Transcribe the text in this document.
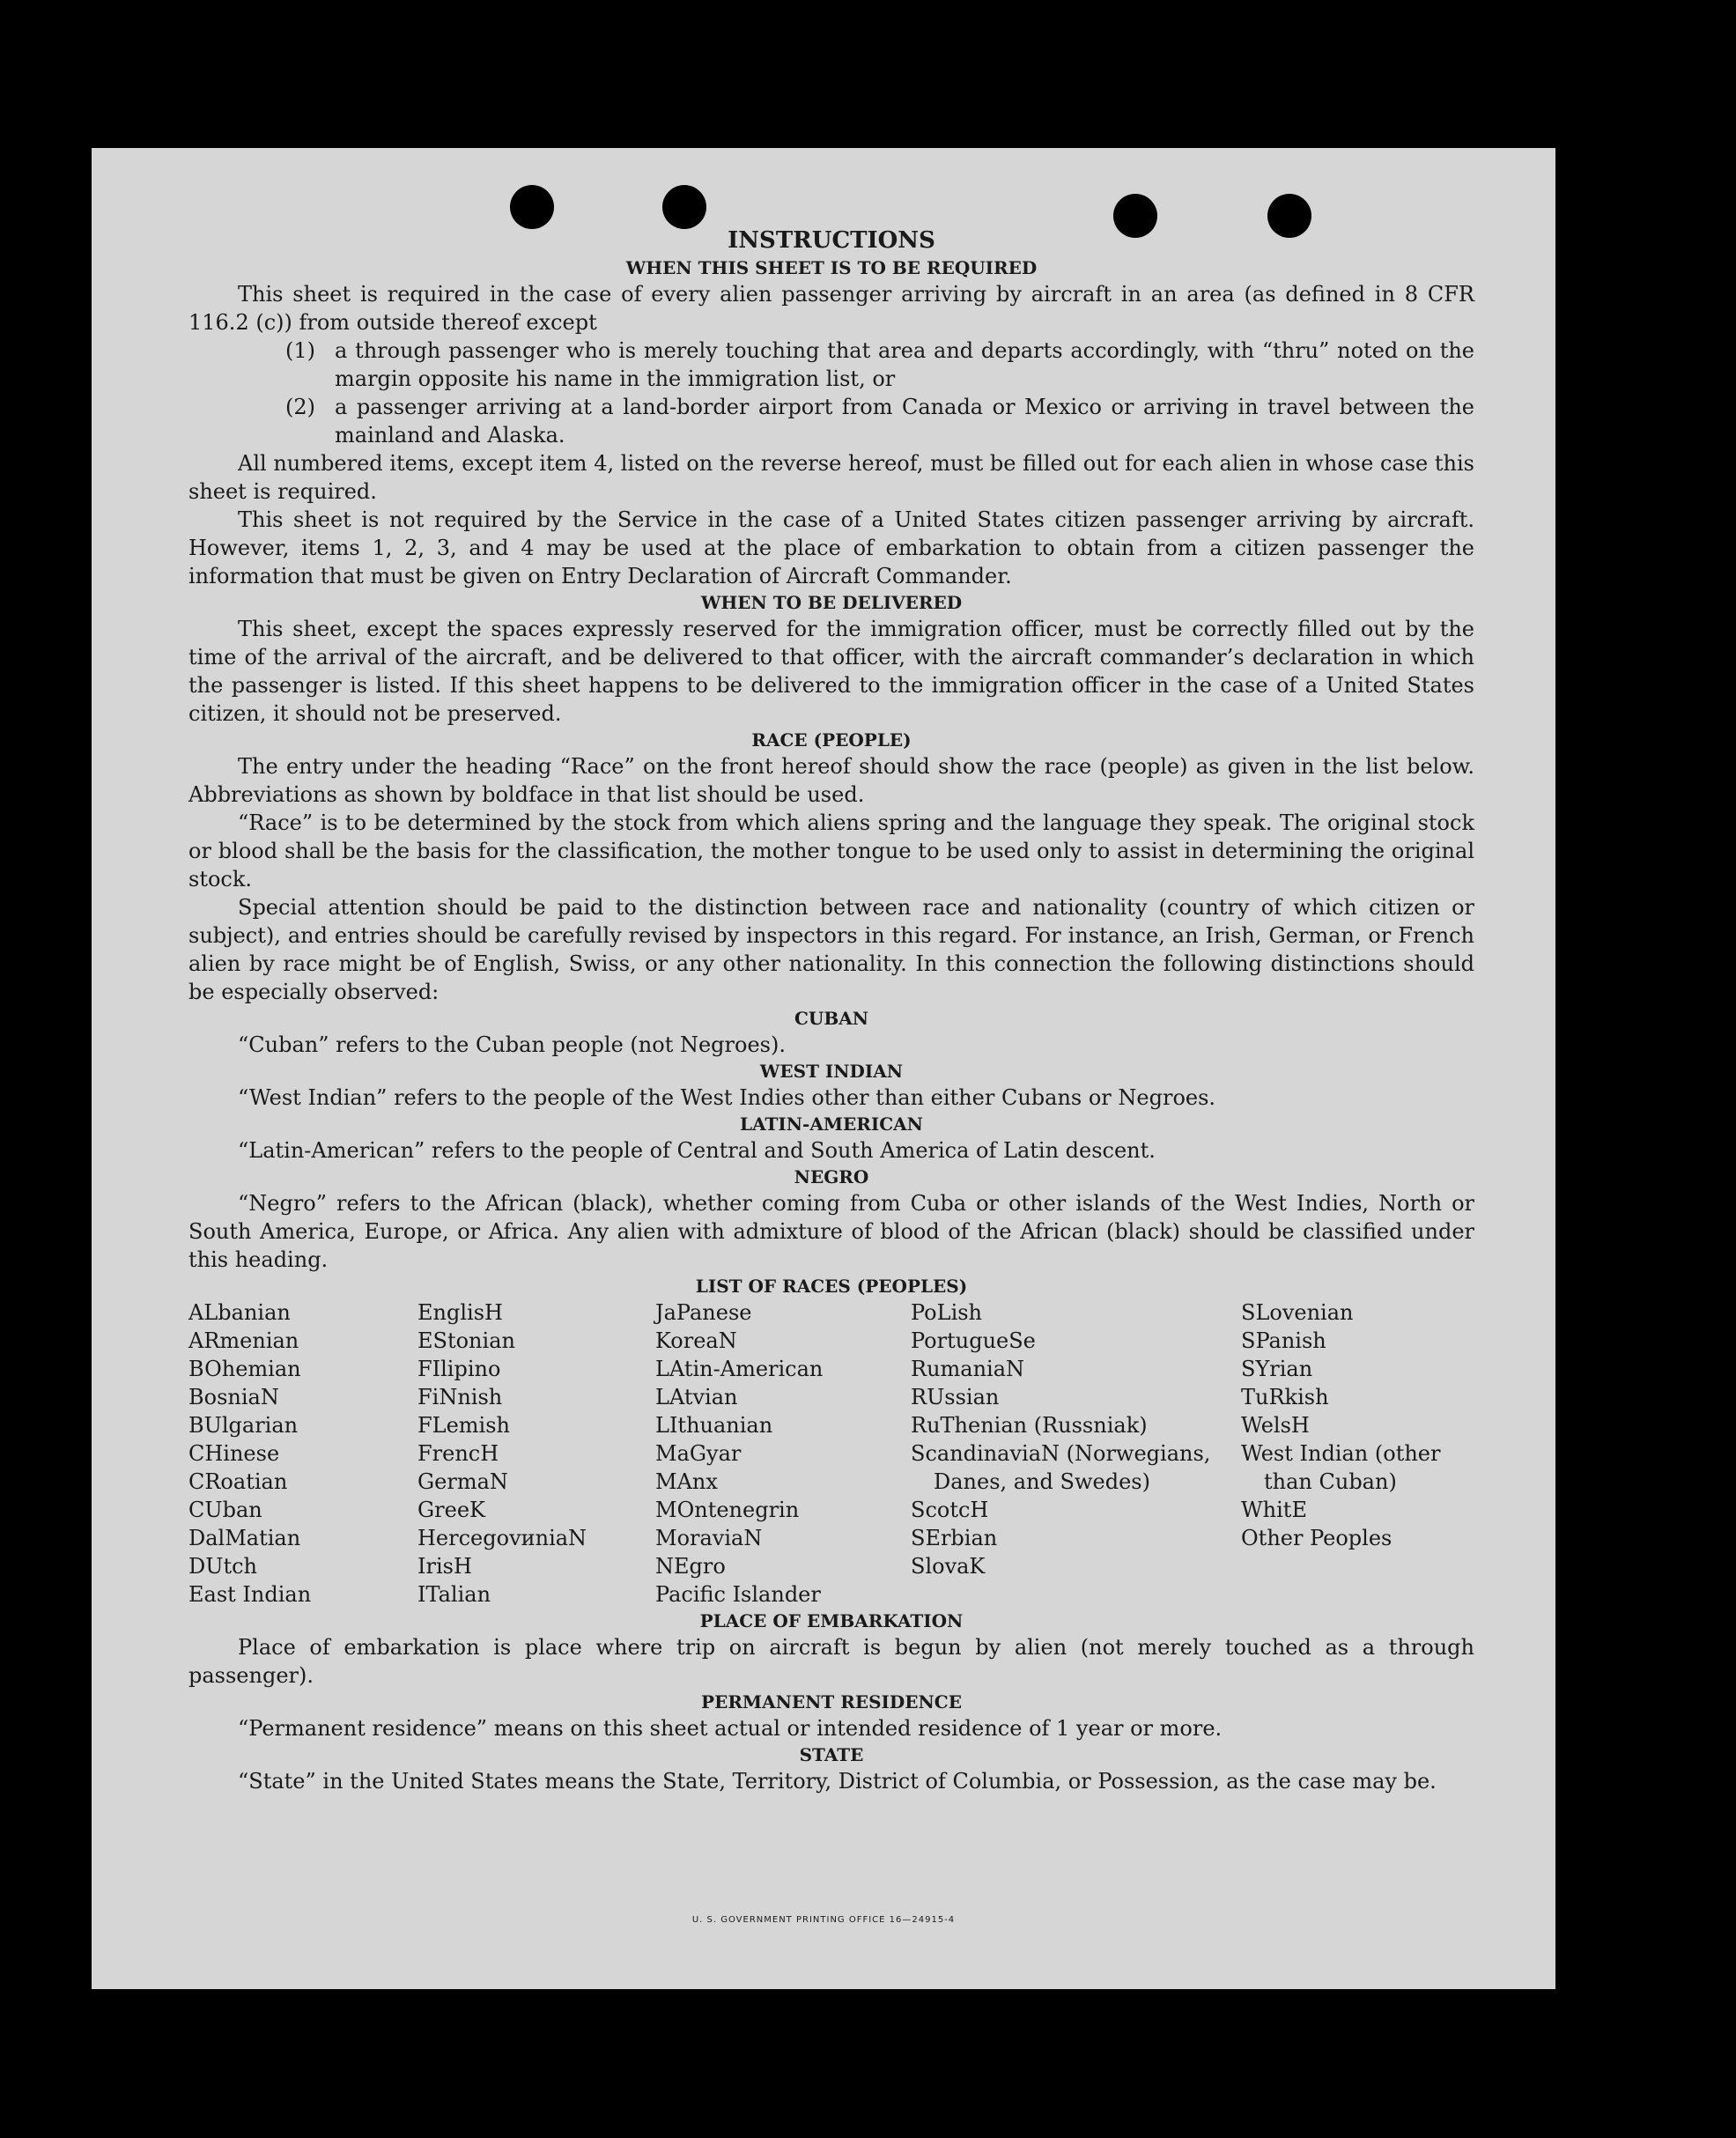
INSTRUCTIONS
WHEN THIS SHEET IS TO BE REQUIRED

This sheet is required in the case of every alien passenger arriving by aircraft in an area (as defined in 8 CFR 116.2 (c)) from outside thereof except

(1) a through passenger who is merely touching that area and departs accordingly, with “thru” noted on the margin opposite his name in the immigration list, or
(2) a passenger arriving at a land-border airport from Canada or Mexico or arriving in travel between the mainland and Alaska.

All numbered items, except item 4, listed on the reverse hereof, must be filled out for each alien in whose case this sheet is required.

This sheet is not required by the Service in the case of a United States citizen passenger arriving by aircraft. However, items 1, 2, 3, and 4 may be used at the place of embarkation to obtain from a citizen passenger the information that must be given on Entry Declaration of Aircraft Commander.

WHEN TO BE DELIVERED

This sheet, except the spaces expressly reserved for the immigration officer, must be correctly filled out by the time of the arrival of the aircraft, and be delivered to that officer, with the aircraft commander’s declaration in which the passenger is listed. If this sheet happens to be delivered to the immigration officer in the case of a United States citizen, it should not be preserved.

RACE (PEOPLE)

The entry under the heading “Race” on the front hereof should show the race (people) as given in the list below. Abbreviations as shown by boldface in that list should be used.

“Race” is to be determined by the stock from which aliens spring and the language they speak. The original stock or blood shall be the basis for the classification, the mother tongue to be used only to assist in determining the original stock.

Special attention should be paid to the distinction between race and nationality (country of which citizen or subject), and entries should be carefully revised by inspectors in this regard. For instance, an Irish, German, or French alien by race might be of English, Swiss, or any other nationality. In this connection the following distinctions should be especially observed:

CUBAN

“Cuban” refers to the Cuban people (not Negroes).

WEST INDIAN

“West Indian” refers to the people of the West Indies other than either Cubans or Negroes.

LATIN-AMERICAN

“Latin-American” refers to the people of Central and South America of Latin descent.

NEGRO

“Negro” refers to the African (black), whether coming from Cuba or other islands of the West Indies, North or South America, Europe, or Africa. Any alien with admixture of blood of the African (black) should be classified under this heading.

LIST OF RACES (PEOPLES)
ALbanian
ARmenian
BOhemian
BosniaN
BUlgarian
CHinese
CRoatian
CUban
DalMatian
DUtch
East Indian
EnglisH
EStonian
FIlipino
FiNnish
FLemish
FrencH
GermaN
GreeK
HercegovиniaN
IrisH
ITalian
JaPanese
KoreaN
LAtin-American
LAtvian
LIthuanian
MaGyar
MAnx
MOntenegrin
MoraviaN
NEgro
Pacific Islander
PoLish
PortugueSe
RumaniaN
RUssian
RuThenian (Russniak)
ScandinaviaN (Norwegians, Danes, and Swedes)
ScotcH
SErbian
SlovaK
SLovenian
SPanish
SYrian
TuRkish
WelsH
West Indian (other than Cuban)
WhitE
Other Peoples
PLACE OF EMBARKATION

Place of embarkation is place where trip on aircraft is begun by alien (not merely touched as a through passenger).

PERMANENT RESIDENCE

“Permanent residence” means on this sheet actual or intended residence of 1 year or more.

STATE

“State” in the United States means the State, Territory, District of Columbia, or Possession, as the case may be.

U. S. GOVERNMENT PRINTING OFFICE 16—24915-4
